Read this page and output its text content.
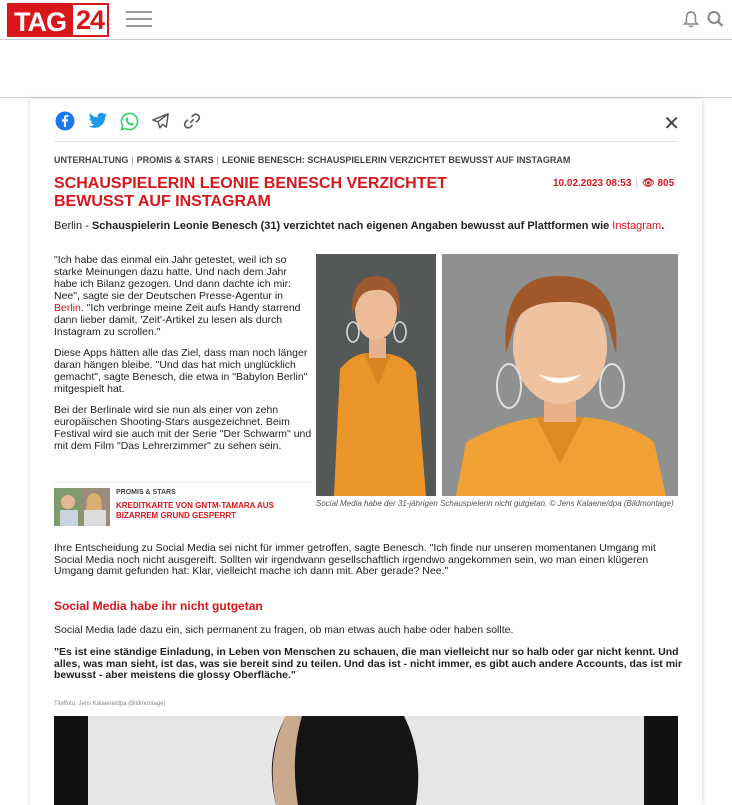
TAG 24
✕
UNTERHALTUNG | PROMIS & STARS | LEONIE BENESCH: SCHAUSPIELERIN VERZICHTET BEWUSST AUF INSTAGRAM
SCHAUSPIELERIN LEONIE BENESCH VERZICHTET BEWUSST AUF INSTAGRAM
10.02.2023 08:53 | 👁 805

Berlin - Schauspielerin Leonie Benesch (31) verzichtet nach eigenen Angaben bewusst auf Plattformen wie Instagram.

"Ich habe das einmal ein Jahr getestet, weil ich so starke Meinungen dazu hatte. Und nach dem Jahr habe ich Bilanz gezogen. Und dann dachte ich mir: Nee", sagte sie der Deutschen Presse-Agentur in Berlin. "Ich verbringe meine Zeit aufs Handy starrend dann lieber damit, 'Zeit'-Artikel zu lesen als durch Instagram zu scrollen."

Diese Apps hätten alle das Ziel, dass man noch länger daran hängen bleibe. "Und das hat mich unglücklich gemacht", sagte Benesch, die etwa in "Babylon Berlin" mitgespielt hat.

Bei der Berlinale wird sie nun als einer von zehn europäischen Shooting-Stars ausgezeichnet. Beim Festival wird sie auch mit der Serie "Der Schwarm" und mit dem Film "Das Lehrerzimmer" zu sehen sein.

PROMIS & STARS
KREDITKARTE VON GNTM-TAMARA AUS BIZARREM GRUND GESPERRT
Social Media habe der 31-jährigen Schauspielerin nicht gutgetan. © Jens Kalaene/dpa (Bildmontage)

Ihre Entscheidung zu Social Media sei nicht für immer getroffen, sagte Benesch. "Ich finde nur unseren momentanen Umgang mit Social Media noch nicht ausgereift. Sollten wir irgendwann gesellschaftlich irgendwo angekommen sein, wo man einen klügeren Umgang damit gefunden hat: Klar, vielleicht mache ich dann mit. Aber gerade? Nee."

Social Media habe ihr nicht gutgetan

Social Media lade dazu ein, sich permanent zu fragen, ob man etwas auch habe oder haben sollte.

"Es ist eine ständige Einladung, in Leben von Menschen zu schauen, die man vielleicht nur so halb oder gar nicht kennt. Und alles, was man sieht, ist das, was sie bereit sind zu teilen. Und das ist - nicht immer, es gibt auch andere Accounts, das ist mir bewusst - aber meistens die glossy Oberfläche."

Titelfoto: Jens Kalaene/dpa (Bildmontage)
